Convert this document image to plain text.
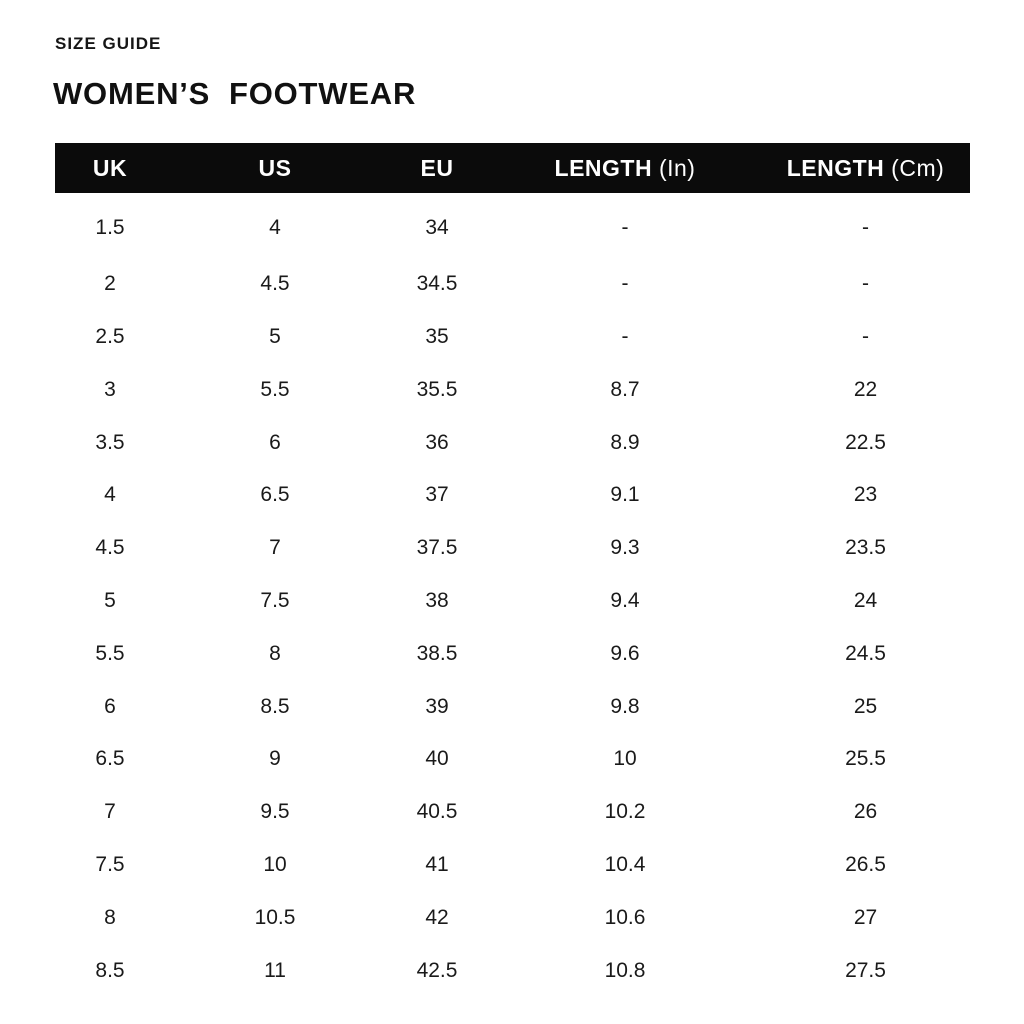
SIZE GUIDE
WOMEN’S  FOOTWEAR
UK	US	EU	LENGTH (In)	LENGTH (Cm)
1.5	4	34	-	-
2	4.5	34.5	-	-
2.5	5	35	-	-
3	5.5	35.5	8.7	22
3.5	6	36	8.9	22.5
4	6.5	37	9.1	23
4.5	7	37.5	9.3	23.5
5	7.5	38	9.4	24
5.5	8	38.5	9.6	24.5
6	8.5	39	9.8	25
6.5	9	40	10	25.5
7	9.5	40.5	10.2	26
7.5	10	41	10.4	26.5
8	10.5	42	10.6	27
8.5	11	42.5	10.8	27.5
